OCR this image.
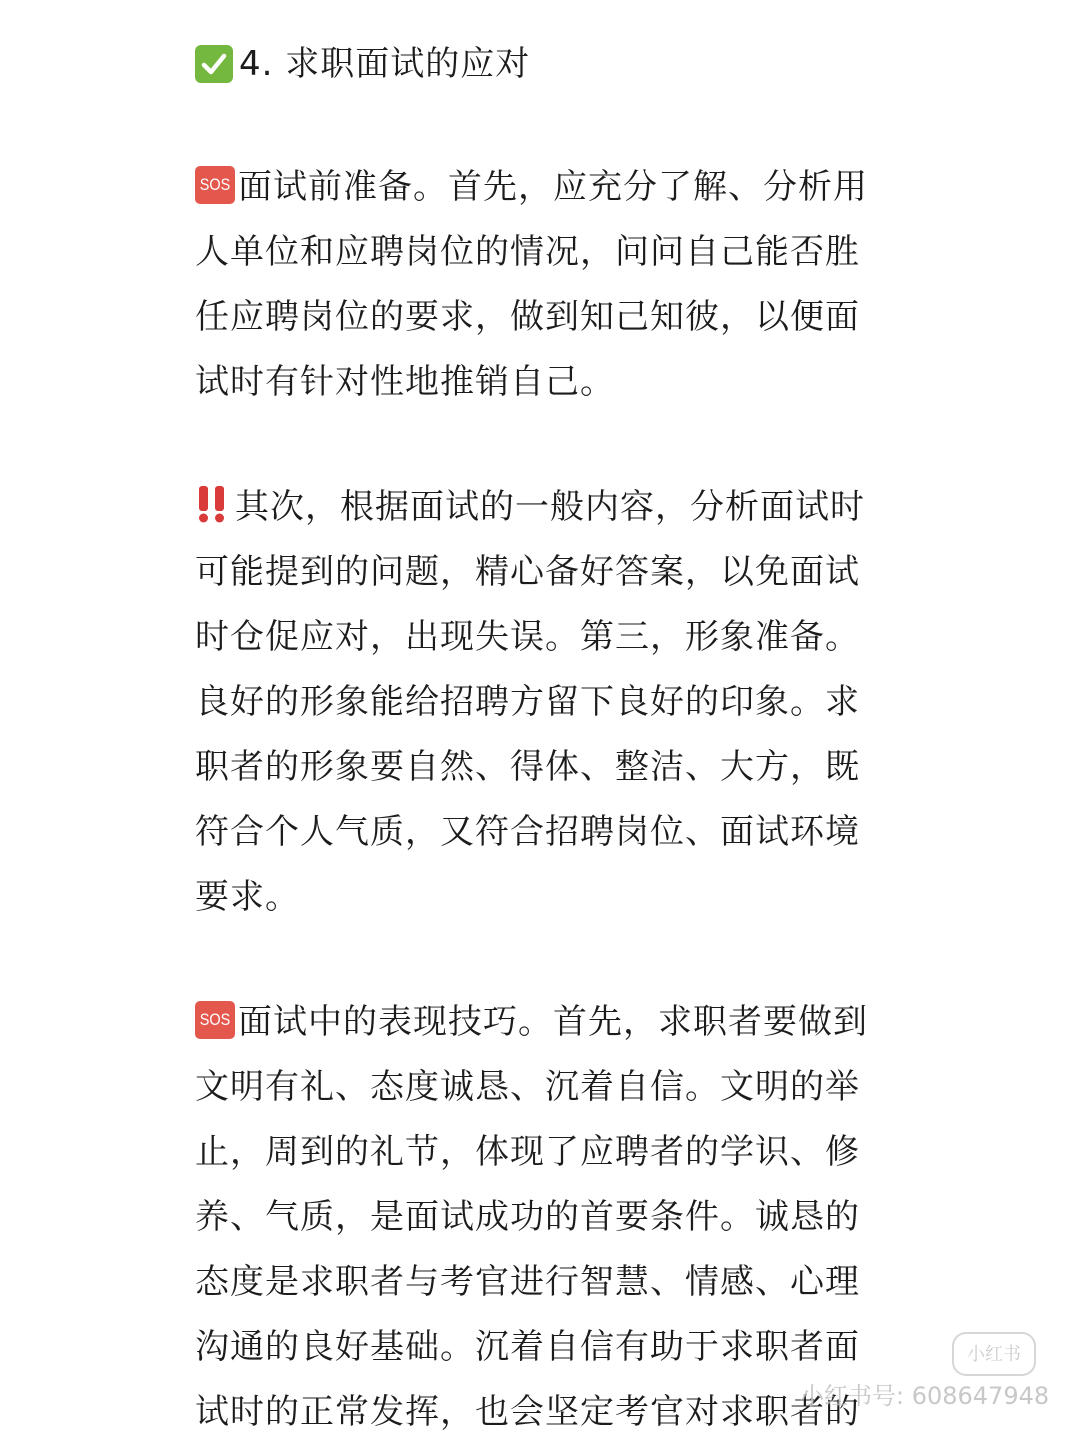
4. 求职面试的应对
SOS 面试前准备。首先，应充分了解、分析用
人单位和应聘岗位的情况，问问自己能否胜
任应聘岗位的要求，做到知己知彼，以便面
试时有针对性地推销自己。
其次，根据面试的一般内容，分析面试时
可能提到的问题，精心备好答案，以免面试
时仓促应对，出现失误。第三，形象准备。
良好的形象能给招聘方留下良好的印象。求
职者的形象要自然、得体、整洁、大方，既
符合个人气质，又符合招聘岗位、面试环境
要求。
SOS 面试中的表现技巧。首先，求职者要做到
文明有礼、态度诚恳、沉着自信。文明的举
止，周到的礼节，体现了应聘者的学识、修
养、气质，是面试成功的首要条件。诚恳的
态度是求职者与考官进行智慧、情感、心理
沟通的良好基础。沉着自信有助于求职者面
试时的正常发挥，也会坚定考官对求职者的
小红书
小红书号: 608647948
